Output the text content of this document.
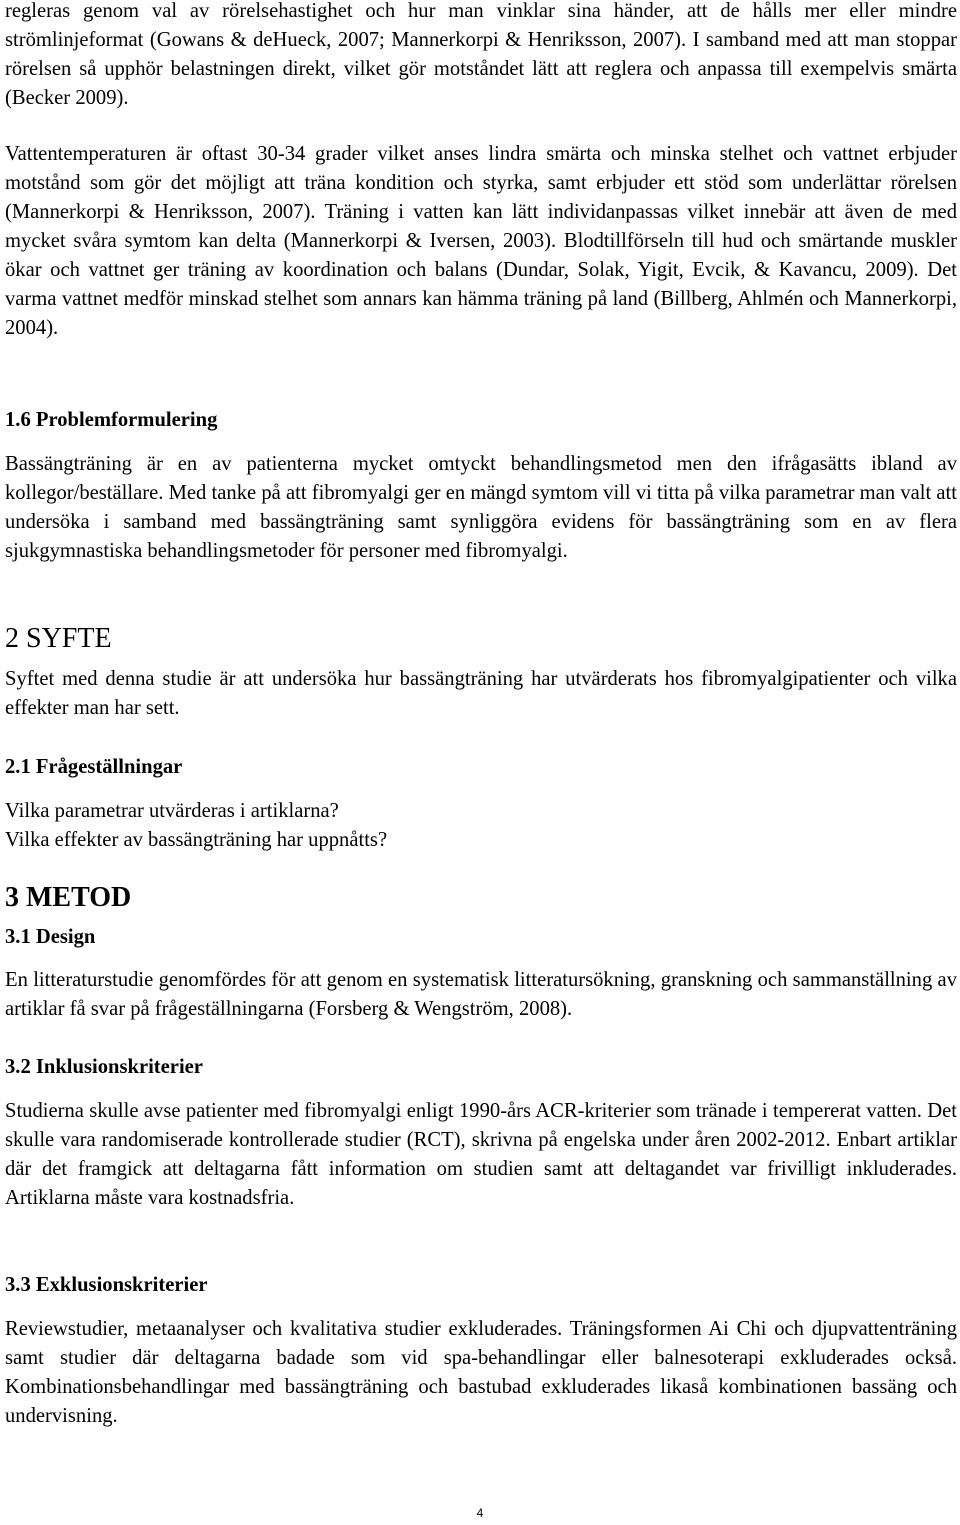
regleras genom val av rörelsehastighet och hur man vinklar sina händer, att de hålls mer eller mindre strömlinjeformat (Gowans & deHueck, 2007; Mannerkorpi & Henriksson, 2007). I samband med att man stoppar rörelsen så upphör belastningen direkt, vilket gör motståndet lätt att reglera och anpassa till exempelvis smärta (Becker 2009).

Vattentemperaturen är oftast 30-34 grader vilket anses lindra smärta och minska stelhet och vattnet erbjuder motstånd som gör det möjligt att träna kondition och styrka, samt erbjuder ett stöd som underlättar rörelsen (Mannerkorpi & Henriksson, 2007). Träning i vatten kan lätt individanpassas vilket innebär att även de med mycket svåra symtom kan delta (Mannerkorpi & Iversen, 2003). Blodtillförseln till hud och smärtande muskler ökar och vattnet ger träning av koordination och balans (Dundar, Solak, Yigit, Evcik, & Kavancu, 2009). Det varma vattnet medför minskad stelhet som annars kan hämma träning på land (Billberg, Ahlmén och Mannerkorpi, 2004).

1.6 Problemformulering

Bassängträning är en av patienterna mycket omtyckt behandlingsmetod men den ifrågasätts ibland av kollegor/beställare. Med tanke på att fibromyalgi ger en mängd symtom vill vi titta på vilka parametrar man valt att undersöka i samband med bassängträning samt synliggöra evidens för bassängträning som en av flera sjukgymnastiska behandlingsmetoder för personer med fibromyalgi.

2 SYFTE

Syftet med denna studie är att undersöka hur bassängträning har utvärderats hos fibromyalgipatienter och vilka effekter man har sett.

2.1 Frågeställningar
Vilka parametrar utvärderas i artiklarna?
Vilka effekter av bassängträning har uppnåtts?
3 METOD
3.1 Design

En litteraturstudie genomfördes för att genom en systematisk litteratursökning, granskning och sammanställning av artiklar få svar på frågeställningarna (Forsberg & Wengström, 2008).

3.2 Inklusionskriterier

Studierna skulle avse patienter med fibromyalgi enligt 1990-års ACR-kriterier som tränade i tempererat vatten. Det skulle vara randomiserade kontrollerade studier (RCT), skrivna på engelska under åren 2002-2012. Enbart artiklar där det framgick att deltagarna fått information om studien samt att deltagandet var frivilligt inkluderades. Artiklarna måste vara kostnadsfria.

3.3 Exklusionskriterier

Reviewstudier, metaanalyser och kvalitativa studier exkluderades. Träningsformen Ai Chi och djupvattenträning samt studier där deltagarna badade som vid spa-behandlingar eller balnesoterapi exkluderades också. Kombinationsbehandlingar med bassängträning och bastubad exkluderades likaså kombinationen bassäng och undervisning.

4
